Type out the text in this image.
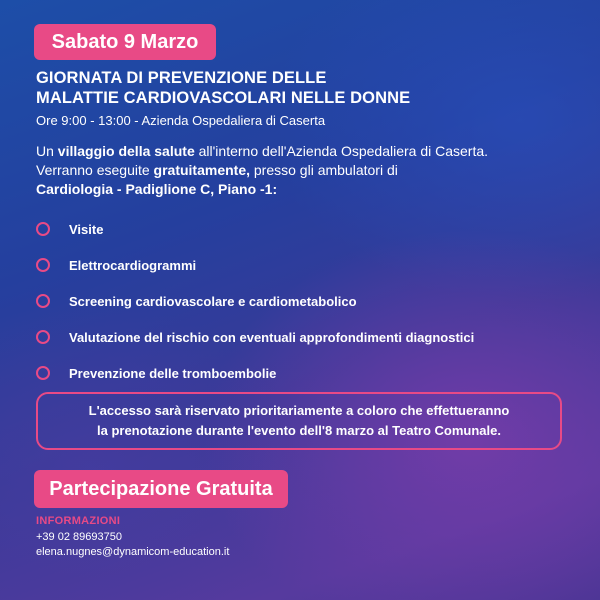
Sabato 9 Marzo
GIORNATA DI PREVENZIONE DELLE
MALATTIE CARDIOVASCOLARI NELLE DONNE
Ore 9:00 - 13:00 - Azienda Ospedaliera di Caserta
Un villaggio della salute all'interno dell'Azienda Ospedaliera di Caserta.
Verranno eseguite gratuitamente, presso gli ambulatori di
Cardiologia - Padiglione C, Piano -1:
Visite
Elettrocardiogrammi
Screening cardiovascolare e cardiometabolico
Valutazione del rischio con eventuali approfondimenti diagnostici
Prevenzione delle tromboembolie
L'accesso sarà riservato prioritariamente a coloro che effettueranno
la prenotazione durante l'evento dell'8 marzo al Teatro Comunale.
Partecipazione Gratuita
INFORMAZIONI
+39 02 89693750
elena.nugnes@dynamicom-education.it
